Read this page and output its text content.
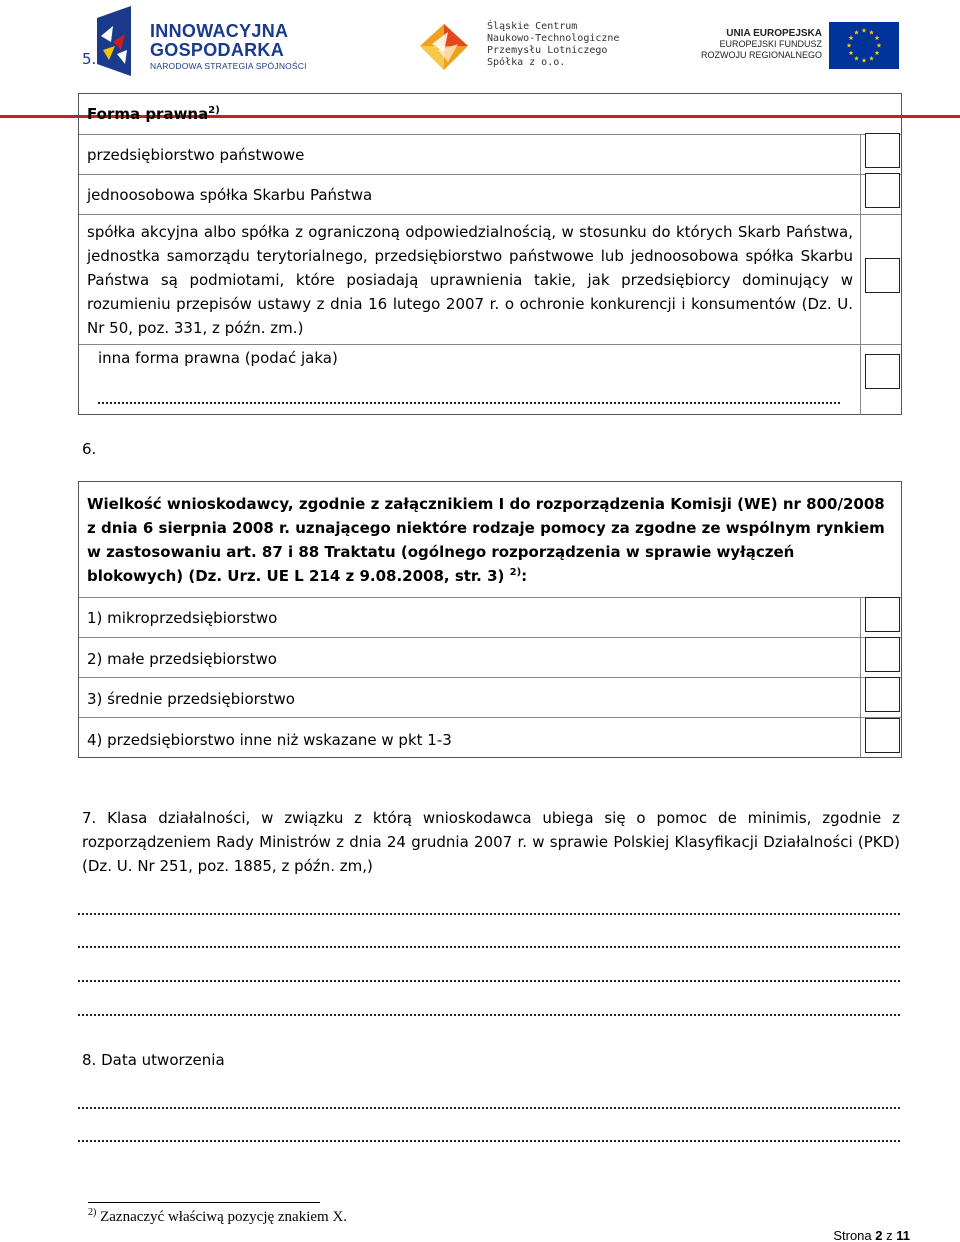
5.
INNOWACYJNA
GOSPODARKA
NARODOWA STRATEGIA SPÓJNOŚCI
Śląskie Centrum
Naukowo-Technologiczne
Przemysłu Lotniczego
Spółka z o.o.
UNIA EUROPEJSKA
EUROPEJSKI FUNDUSZ
ROZWOJU REGIONALNEGO
Forma prawna$^{2)}$
przedsiębiorstwo państwowe
jednoosobowa spółka Skarbu Państwa
spółka akcyjna albo spółka z ograniczoną odpowiedzialnością, w stosunku do których Skarb Państwa, jednostka samorządu terytorialnego, przedsiębiorstwo państwowe lub jednoosobowa spółka Skarbu Państwa są podmiotami, które posiadają uprawnienia takie, jak przedsiębiorcy dominujący w rozumieniu przepisów ustawy z dnia 16 lutego 2007 r. o ochronie konkurencji i konsumentów (Dz. U. Nr 50, poz. 331, z późn. zm.)
inna forma prawna (podać jaka)
6.
Wielkość wnioskodawcy, zgodnie z załącznikiem I do rozporządzenia Komisji (WE) nr 800/2008 z dnia 6 sierpnia 2008 r. uznającego niektóre rodzaje pomocy za zgodne ze wspólnym rynkiem w zastosowaniu art. 87 i 88 Traktatu (ogólnego rozporządzenia w sprawie wyłączeń blokowych) (Dz. Urz. UE L 214 z 9.08.2008, str. 3) $^{2)}$:
1) mikroprzedsiębiorstwo
2) małe przedsiębiorstwo
3) średnie przedsiębiorstwo
4) przedsiębiorstwo inne niż wskazane w pkt 1-3
7. Klasa działalności, w związku z którą wnioskodawca ubiega się o pomoc de minimis, zgodnie z rozporządzeniem Rady Ministrów z dnia 24 grudnia 2007 r. w sprawie Polskiej Klasyfikacji Działalności (PKD) (Dz. U. Nr 251, poz. 1885, z późn. zm,)
8. Data utworzenia
$^{2)}$ Zaznaczyć właściwą pozycję znakiem X.
Strona 2 z 11
